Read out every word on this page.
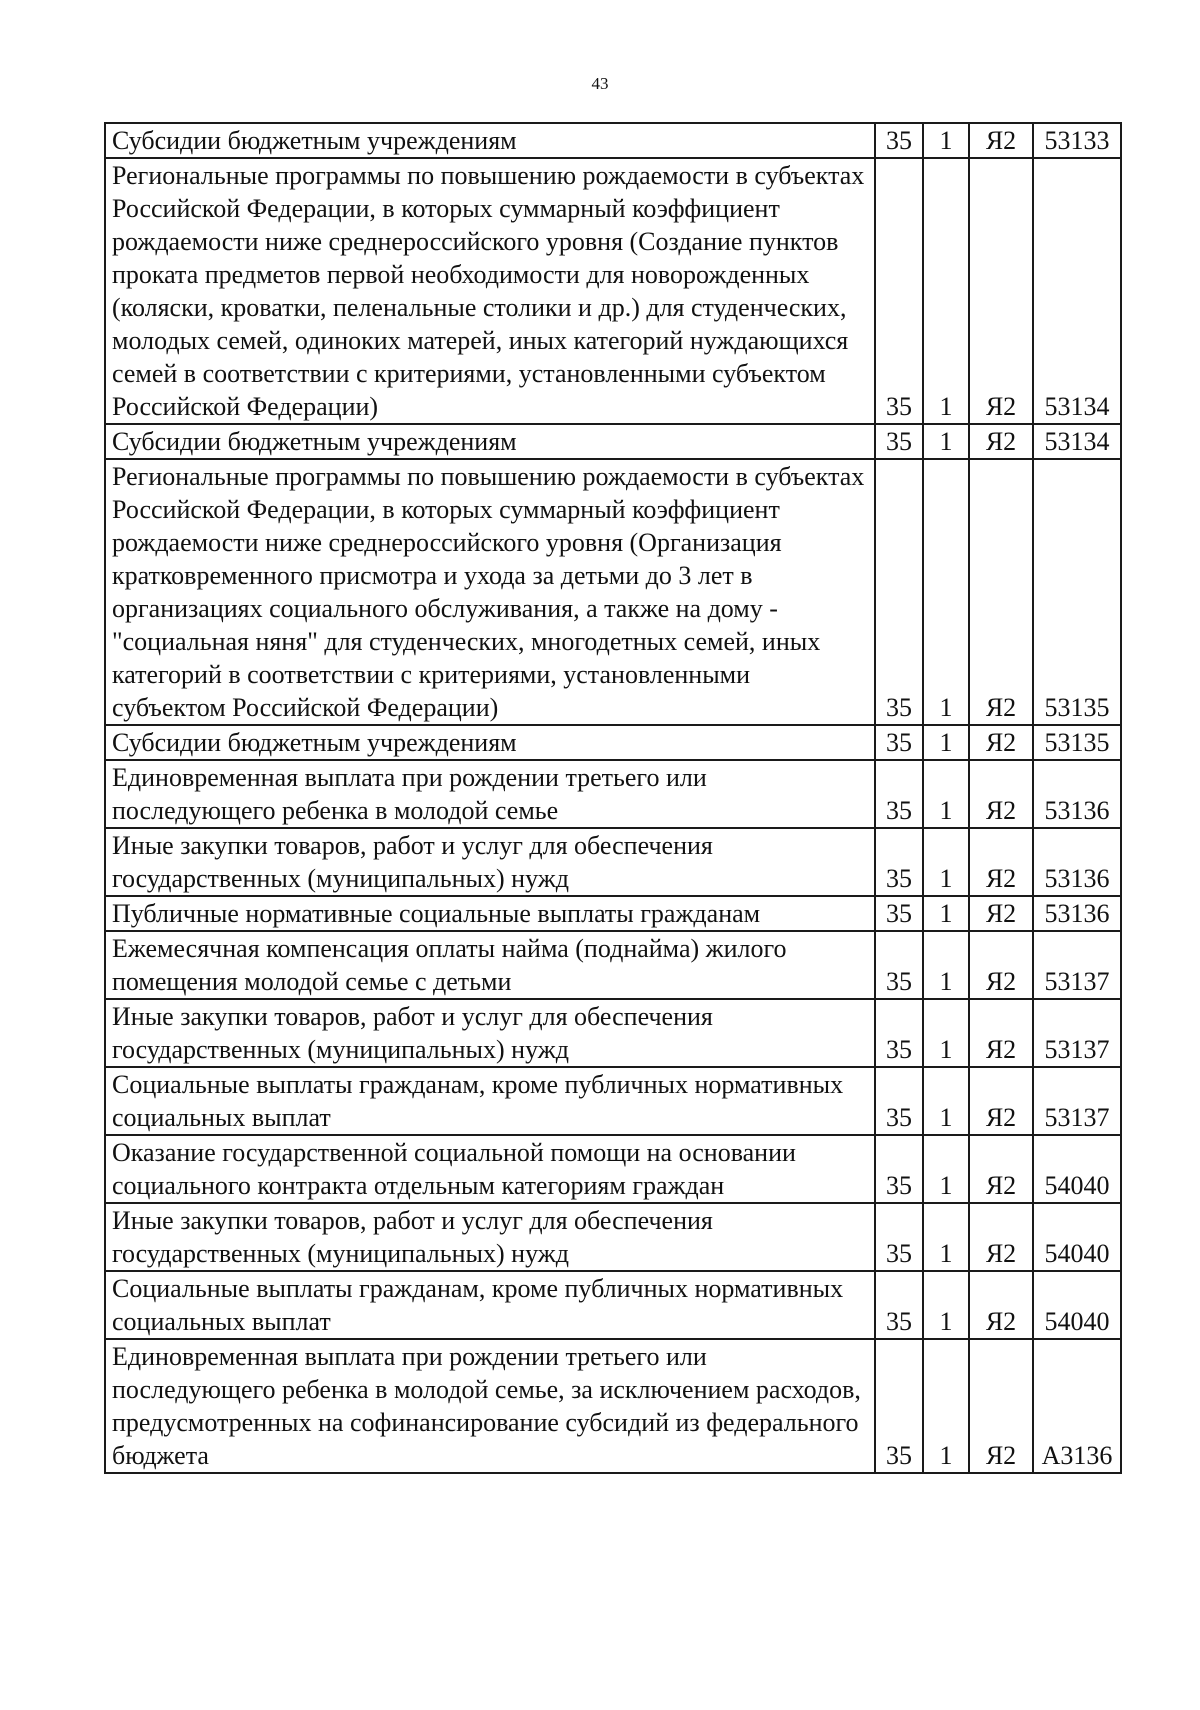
43
Субсидии бюджетным учреждениям	35	1	Я2	53133
Региональные программы по повышению рождаемости в субъектах Российской Федерации, в которых суммарный коэффициент рождаемости ниже среднероссийского уровня (Создание пунктов проката предметов первой необходимости для новорожденных (коляски, кроватки, пеленальные столики и др.) для студенческих, молодых семей, одиноких матерей, иных категорий нуждающихся семей в соответствии с критериями, установленными субъектом Российской Федерации)	35	1	Я2	53134
Субсидии бюджетным учреждениям	35	1	Я2	53134
Региональные программы по повышению рождаемости в субъектах Российской Федерации, в которых суммарный коэффициент рождаемости ниже среднероссийского уровня (Организация кратковременного присмотра и ухода за детьми до 3 лет в организациях социального обслуживания, а также на дому - "социальная няня" для студенческих, многодетных семей, иных категорий в соответствии с критериями, установленными субъектом Российской Федерации)	35	1	Я2	53135
Субсидии бюджетным учреждениям	35	1	Я2	53135
Единовременная выплата при рождении третьего или последующего ребенка в молодой семье	35	1	Я2	53136
Иные закупки товаров, работ и услуг для обеспечения государственных (муниципальных) нужд	35	1	Я2	53136
Публичные нормативные социальные выплаты гражданам	35	1	Я2	53136
Ежемесячная компенсация оплаты найма (поднайма) жилого помещения молодой семье с детьми	35	1	Я2	53137
Иные закупки товаров, работ и услуг для обеспечения государственных (муниципальных) нужд	35	1	Я2	53137
Социальные выплаты гражданам, кроме публичных нормативных социальных выплат	35	1	Я2	53137
Оказание государственной социальной помощи на основании социального контракта отдельным категориям граждан	35	1	Я2	54040
Иные закупки товаров, работ и услуг для обеспечения государственных (муниципальных) нужд	35	1	Я2	54040
Социальные выплаты гражданам, кроме публичных нормативных социальных выплат	35	1	Я2	54040
Единовременная выплата при рождении третьего или последующего ребенка в молодой семье, за исключением расходов, предусмотренных на софинансирование субсидий из федерального бюджета	35	1	Я2	А3136
